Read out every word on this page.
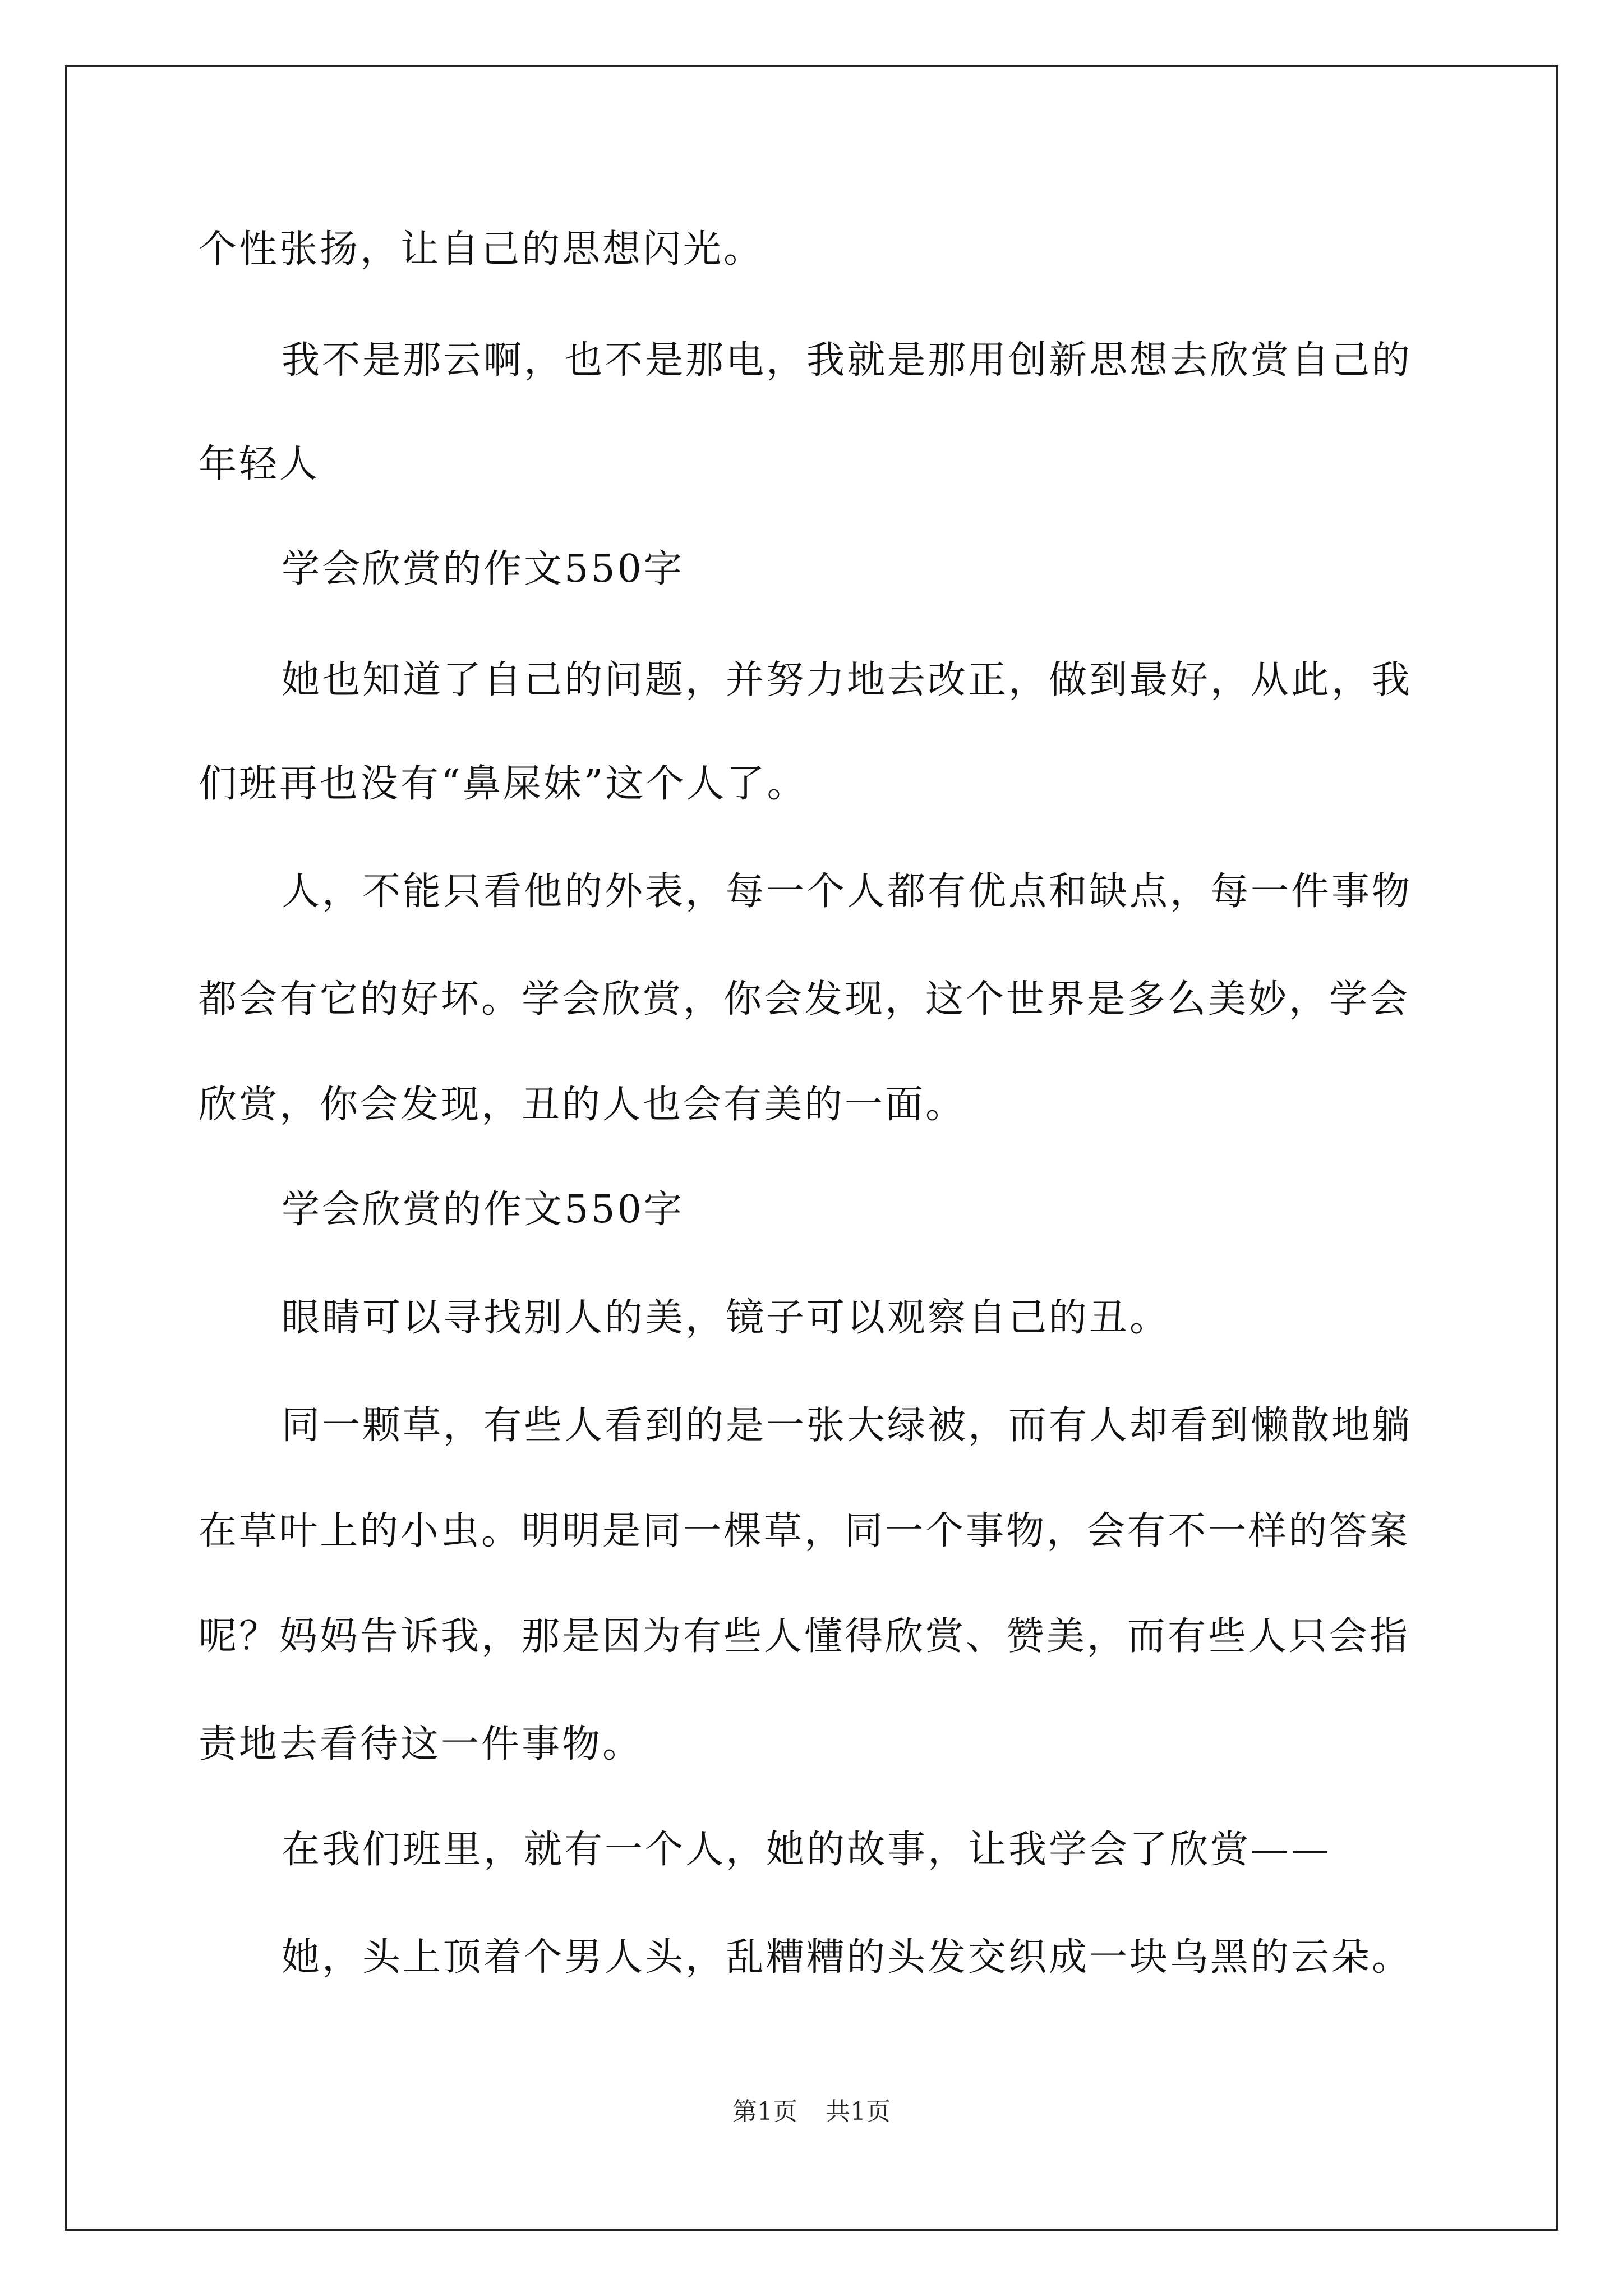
个性张扬，让自己的思想闪光。
我不是那云啊，也不是那电，我就是那用创新思想去欣赏自己的
年轻人
学会欣赏的作文550字
她也知道了自己的问题，并努力地去改正，做到最好，从此，我
们班再也没有“鼻屎妹”这个人了。
人，不能只看他的外表，每一个人都有优点和缺点，每一件事物
都会有它的好坏。学会欣赏，你会发现，这个世界是多么美妙，学会
欣赏，你会发现，丑的人也会有美的一面。
学会欣赏的作文550字
眼睛可以寻找别人的美，镜子可以观察自己的丑。
同一颗草，有些人看到的是一张大绿被，而有人却看到懒散地躺
在草叶上的小虫。明明是同一棵草，同一个事物，会有不一样的答案
呢？妈妈告诉我，那是因为有些人懂得欣赏、赞美，而有些人只会指
责地去看待这一件事物。
在我们班里，就有一个人，她的故事，让我学会了欣赏——
她，头上顶着个男人头，乱糟糟的头发交织成一块乌黑的云朵。
第1页 共1页
